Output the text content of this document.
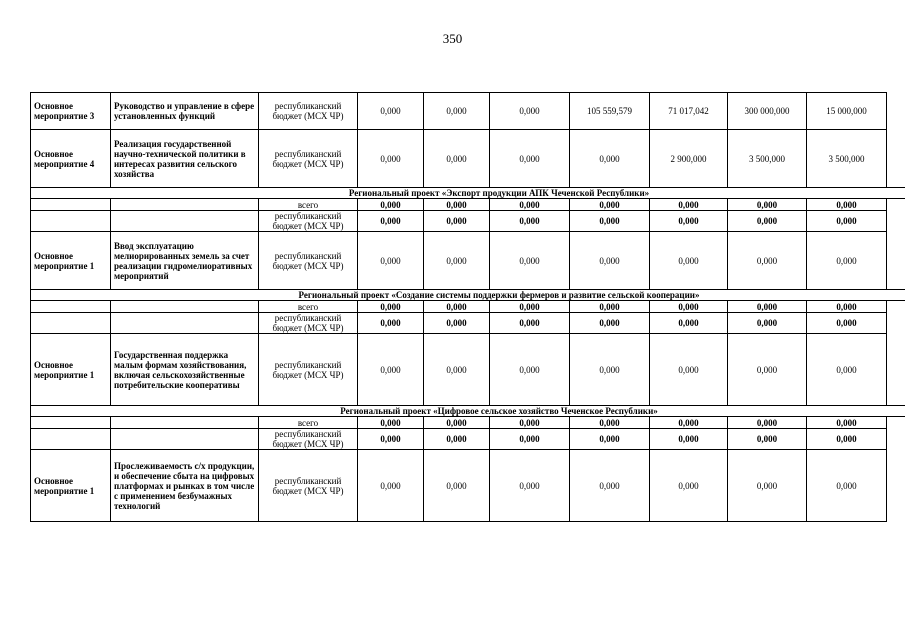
350
Основное мероприятие 3	Руководство и управление в сфере установленных функций	республиканский бюджет (МСХ ЧР)	0,000	0,000	0,000	105 559,579	71 017,042	300 000,000	15 000,000
Основное мероприятие 4	Реализация государственной научно-технической политики в интересах развития сельского хозяйства	республиканский бюджет (МСХ ЧР)	0,000	0,000	0,000	0,000	2 900,000	3 500,000	3 500,000
Региональный проект «Экспорт продукции АПК Чеченской Республики»									
		всего	0,000	0,000	0,000	0,000	0,000	0,000	0,000
		республиканский бюджет (МСХ ЧР)	0,000	0,000	0,000	0,000	0,000	0,000	0,000
Основное мероприятие 1	Ввод эксплуатацию мелиорированных земель за счет реализации гидромелиоративных мероприятий	республиканский бюджет (МСХ ЧР)	0,000	0,000	0,000	0,000	0,000	0,000	0,000
Региональный проект «Создание системы поддержки фермеров и развитие сельской кооперации»									
		всего	0,000	0,000	0,000	0,000	0,000	0,000	0,000
		республиканский бюджет (МСХ ЧР)	0,000	0,000	0,000	0,000	0,000	0,000	0,000
Основное мероприятие 1	Государственная поддержка малым формам хозяйствования, включая сельскохозяйственные потребительские кооперативы	республиканский бюджет (МСХ ЧР)	0,000	0,000	0,000	0,000	0,000	0,000	0,000
Региональный проект «Цифровое сельское хозяйство Чеченское Республики»									
		всего	0,000	0,000	0,000	0,000	0,000	0,000	0,000
		республиканский бюджет (МСХ ЧР)	0,000	0,000	0,000	0,000	0,000	0,000	0,000
Основное мероприятие 1	Прослеживаемость с/х продукции, и обеспечение сбыта на цифровых платформах и рынках в том числе с применением безбумажных технологий	республиканский бюджет (МСХ ЧР)	0,000	0,000	0,000	0,000	0,000	0,000	0,000
